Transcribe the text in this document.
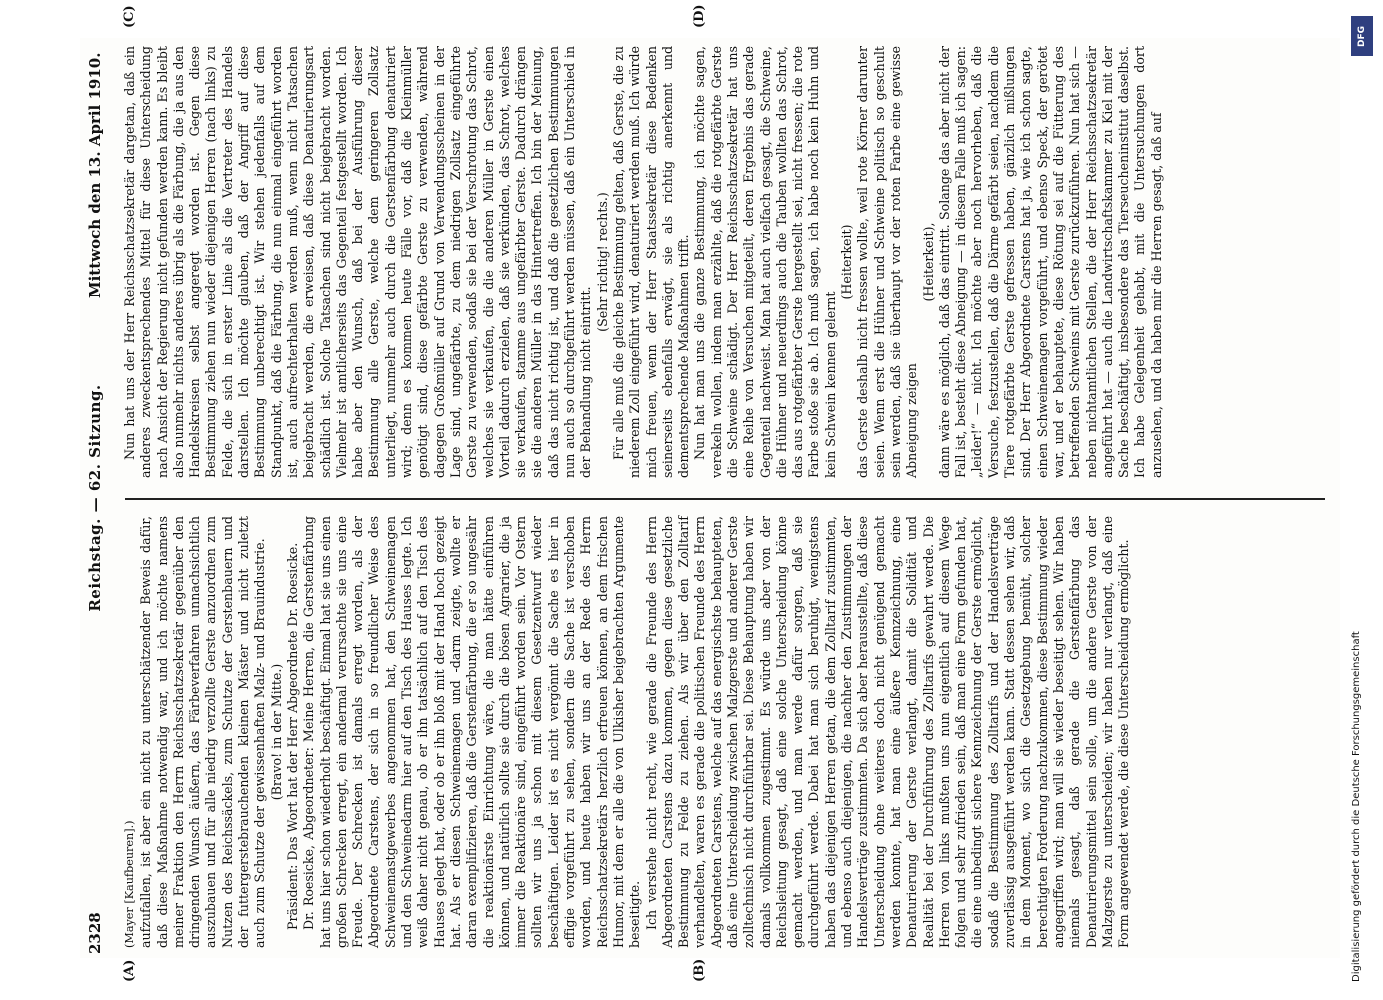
2328
Reichstag. — 62. Sitzung.
Mittwoch den 13. April 1910.
(A)	(B)
(C)	(D)

(Mayer [Kaufbeuren].) aufzufallen, ist aber ein nicht zu unterschätzender Beweis dafür, daß diese Maßnahme notwendig war, und ich möchte namens meiner Fraktion den Herrn Reichsschatzsekretär gegenüber den dringenden Wunsch äußern, das Färbeverfahren unnachsichtlich auszubauen und für alle niedrig verzollte Gerste anzuordnen zum Nutzen des Reichssäckels, zum Schutze der Gerstenbauern und der futtergerstebrauchenden kleinen Mäster und nicht zuletzt auch zum Schutze der gewissenhaften Malz- und Brauindustrie. (Bravo! in der Mitte.) Präsident: Das Wort hat der Herr Abgeordnete Dr. Roesicke. Dr. Roesicke, Abgeordneter: Meine Herren, die Gerstenfärbung hat uns hier schon wiederholt beschäftigt. Einmal hat sie uns einen großen Schrecken erregt, ein andermal verursachte sie uns eine Freude. Der Schrecken ist damals erregt worden, als der Abgeordnete Carstens, der sich in so freundlicher Weise des Schweinemastgewerbes angenommen hat, den Schweinemagen und den Schweinedarm hier auf den Tisch des Hauses legte. Ich weiß daher nicht genau, ob er ihn tatsächlich auf den Tisch des Hauses gelegt hat, oder ob er ihn bloß mit der Hand hoch gezeigt hat. Als er diesen Schweinemagen und -darm zeigte, wollte er daran exemplifizieren, daß die Gerstenfärbung, die er so ungesähr die reaktionärste Einrichtung wäre, die man hätte einführen können, und natürlich sollte sie durch die bösen Agrarier, die ja immer die Reaktionäre sind, eingeführt worden sein. Vor Ostern sollten wir uns ja schon mit diesem Gesetzentwurf wieder beschäftigen. Leider ist es nicht vergönnt die Sache es hier in effigie vorgeführt zu sehen, sondern die Sache ist verschoben worden, und heute haben wir uns an der Rede des Herrn Reichsschatzsekretärs herzlich erfreuen können, an dem frischen Humor, mit dem er alle die von Ulkisher beigebrachten Argumente beseitigte. Ich verstehe nicht recht, wie gerade die Freunde des Herrn Abgeordneten Carstens dazu kommen, gegen diese gesetzliche Bestimmung zu Felde zu ziehen. Als wir über den Zolltarif verhandelten, waren es gerade die politischen Freunde des Herrn Abgeordneten Carstens, welche auf das energischste behaupteten, daß eine Unterscheidung zwischen Malzgerste und anderer Gerste zolltechnisch nicht durchführbar sei. Diese Behauptung haben wir damals vollkommen zugestimmt. Es würde uns aber von der Reichsleitung gesagt, daß eine solche Unterscheidung könne gemacht werden, und man werde dafür sorgen, daß sie durchgeführt werde. Dabei hat man sich beruhigt, wenigstens haben das diejenigen Herren getan, die dem Zolltarif zustimmten, und ebenso auch diejenigen, die nachher den Zustimmungen der Handelsverträge zustimmten. Da sich aber herausstellte, daß diese Unterscheidung ohne weiteres doch nicht genügend gemacht werden konnte, hat man eine äußere Kennzeichnung, eine Denaturierung der Gerste verlangt, damit die Solidität und Realität bei der Durchführung des Zolltarifs gewahrt werde. Die Herren von links mußten uns nun eigentlich auf diesem Wege folgen und sehr zufrieden sein, daß man eine Form gefunden hat, die eine unbedingt sichere Kennzeichnung der Gerste ermöglicht, sodaß die Bestimmung des Zolltarifs und der Handelsverträge zuverlässig ausgeführt werden kann. Statt dessen sehen wir, daß in dem Moment, wo sich die Gesetzgebung bemüht, solcher berechtigten Forderung nachzukommen, diese Bestimmung wieder angegriffen wird; man will sie wieder beseitigt sehen. Wir haben niemals gesagt, daß gerade die Gerstenfärbung das Denaturierungsmittel sein solle, um die andere Gerste von der Malzgerste zu unterscheiden; wir haben nur verlangt, daß eine Form angewendet werde, die diese Unterscheidung ermöglicht.

Nun hat uns der Herr Reichsschatzsekretär dargetan, daß ein anderes zweckentsprechendes Mittel für diese Unterscheidung nach Ansicht der Regierung nicht gefunden werden kann. Es bleibt also nunmehr nichts anderes übrig als die Färbung, die ja aus den Handelskreisen selbst angeregt worden ist. Gegen diese Bestimmung ziehen nun wieder diejenigen Herren (nach links) zu Felde, die sich in erster Linie als die Vertreter des Handels darstellen. Ich möchte glauben, daß der Angriff auf diese Bestimmung unberechtigt ist. Wir stehen jedenfalls auf dem Standpunkt, daß die Färbung, die nun einmal eingeführt worden ist, auch aufrechterhalten werden muß, wenn nicht Tatsachen beigebracht werden, die erweisen, daß diese Denaturierungsart schädlich ist. Solche Tatsachen sind nicht beigebracht worden. Vielmehr ist amtlicherseits das Gegenteil festgestellt worden. Ich habe aber den Wunsch, daß bei der Ausführung dieser Bestimmung alle Gerste, welche dem geringeren Zollsatz unterliegt, nunmehr auch durch die Gerstenfärbung denaturiert wird; denn es kommen heute Fälle vor, daß die Kleinmüller genötigt sind, diese gefärbte Gerste zu verwenden, während dagegen Großmüller auf Grund von Verwendungsscheinen in der Lage sind, ungefärbte, zu dem niedrigen Zollsatz eingeführte Gerste zu verwenden, sodaß sie bei der Verschrotung das Schrot, welches sie verkaufen, die die anderen Müller in Gerste einen Vorteil dadurch erzielen, daß sie verkünden, das Schrot, welches sie verkaufen, stamme aus ungefärbter Gerste. Dadurch drängen sie die anderen Müller in das Hintertreffen. Ich bin der Meinung, daß das nicht richtig ist, und daß die gesetzlichen Bestimmungen nun auch so durchgeführt werden müssen, daß ein Unterschied in der Behandlung nicht eintritt.

(Sehr richtig! rechts.) Für alle muß die gleiche Bestimmung gelten, daß Gerste, die zu niederem Zoll eingeführt wird, denaturiert werden muß. Ich würde mich freuen, wenn der Herr Staatssekretär diese Bedenken seinerseits ebenfalls erwägt, sie als richtig anerkennt und dementsprechende Maßnahmen trifft. Nun hat man uns die ganze Bestimmung, ich möchte sagen, verekeln wollen, indem man erzählte, daß die rotgefärbte Gerste die Schweine schädigt. Der Herr Reichsschatzsekretär hat uns eine Reihe von Versuchen mitgeteilt, deren Ergebnis das gerade Gegenteil nachweist. Man hat auch vielfach gesagt, die Schweine, die Hühner und neuerdings auch die Tauben wollten das Schrot, das aus rotgefärbter Gerste hergestellt sei, nicht fressen; die rote Farbe stoße sie ab. Ich muß sagen, ich habe noch kein Huhn und kein Schwein kennen gelernt

(Heiterkeit) das Gerste deshalb nicht fressen wollte, weil rote Körner darunter seien. Wenn erst die Hühner und Schweine politisch so geschult sein werden, daß sie überhaupt vor der roten Farbe eine gewisse Abneigung zeigen

(Heiterkeit), dann wäre es möglich, daß das eintritt. Solange das aber nicht der Fall ist, besteht diese Abneigung — in diesem Falle muß ich sagen: „leider!“ — nicht. Ich möchte aber noch hervorheben, daß die Versuche, festzustellen, daß die Därme gefärbt seien, nachdem die Tiere rotgefärbte Gerste gefressen haben, gänzlich mißlungen sind. Der Herr Abgeordnete Carstens hat ja, wie ich schon sagte, einen Schweinemagen vorgeführt, und ebenso Speck, der gerötet war, und er behauptete, diese Rötung sei auf die Fütterung des betreffenden Schweins mit Gerste zurückzuführen. Nun hat sich — neben nichtamtlichen Stellen, die der Herr Reichsschatzsekretär angeführt hat — auch die Landwirtschaftskammer zu Kiel mit der Sache beschäftigt, insbesondere das Tierseucheninstitut daselbst. Ich habe Gelegenheit gehabt, mit die Untersuchungen dort anzusehen, und da haben mir die Herren gesagt, daß auf

DFG
Digitalisierung gefördert durch die Deutsche Forschungsgemeinschaft
